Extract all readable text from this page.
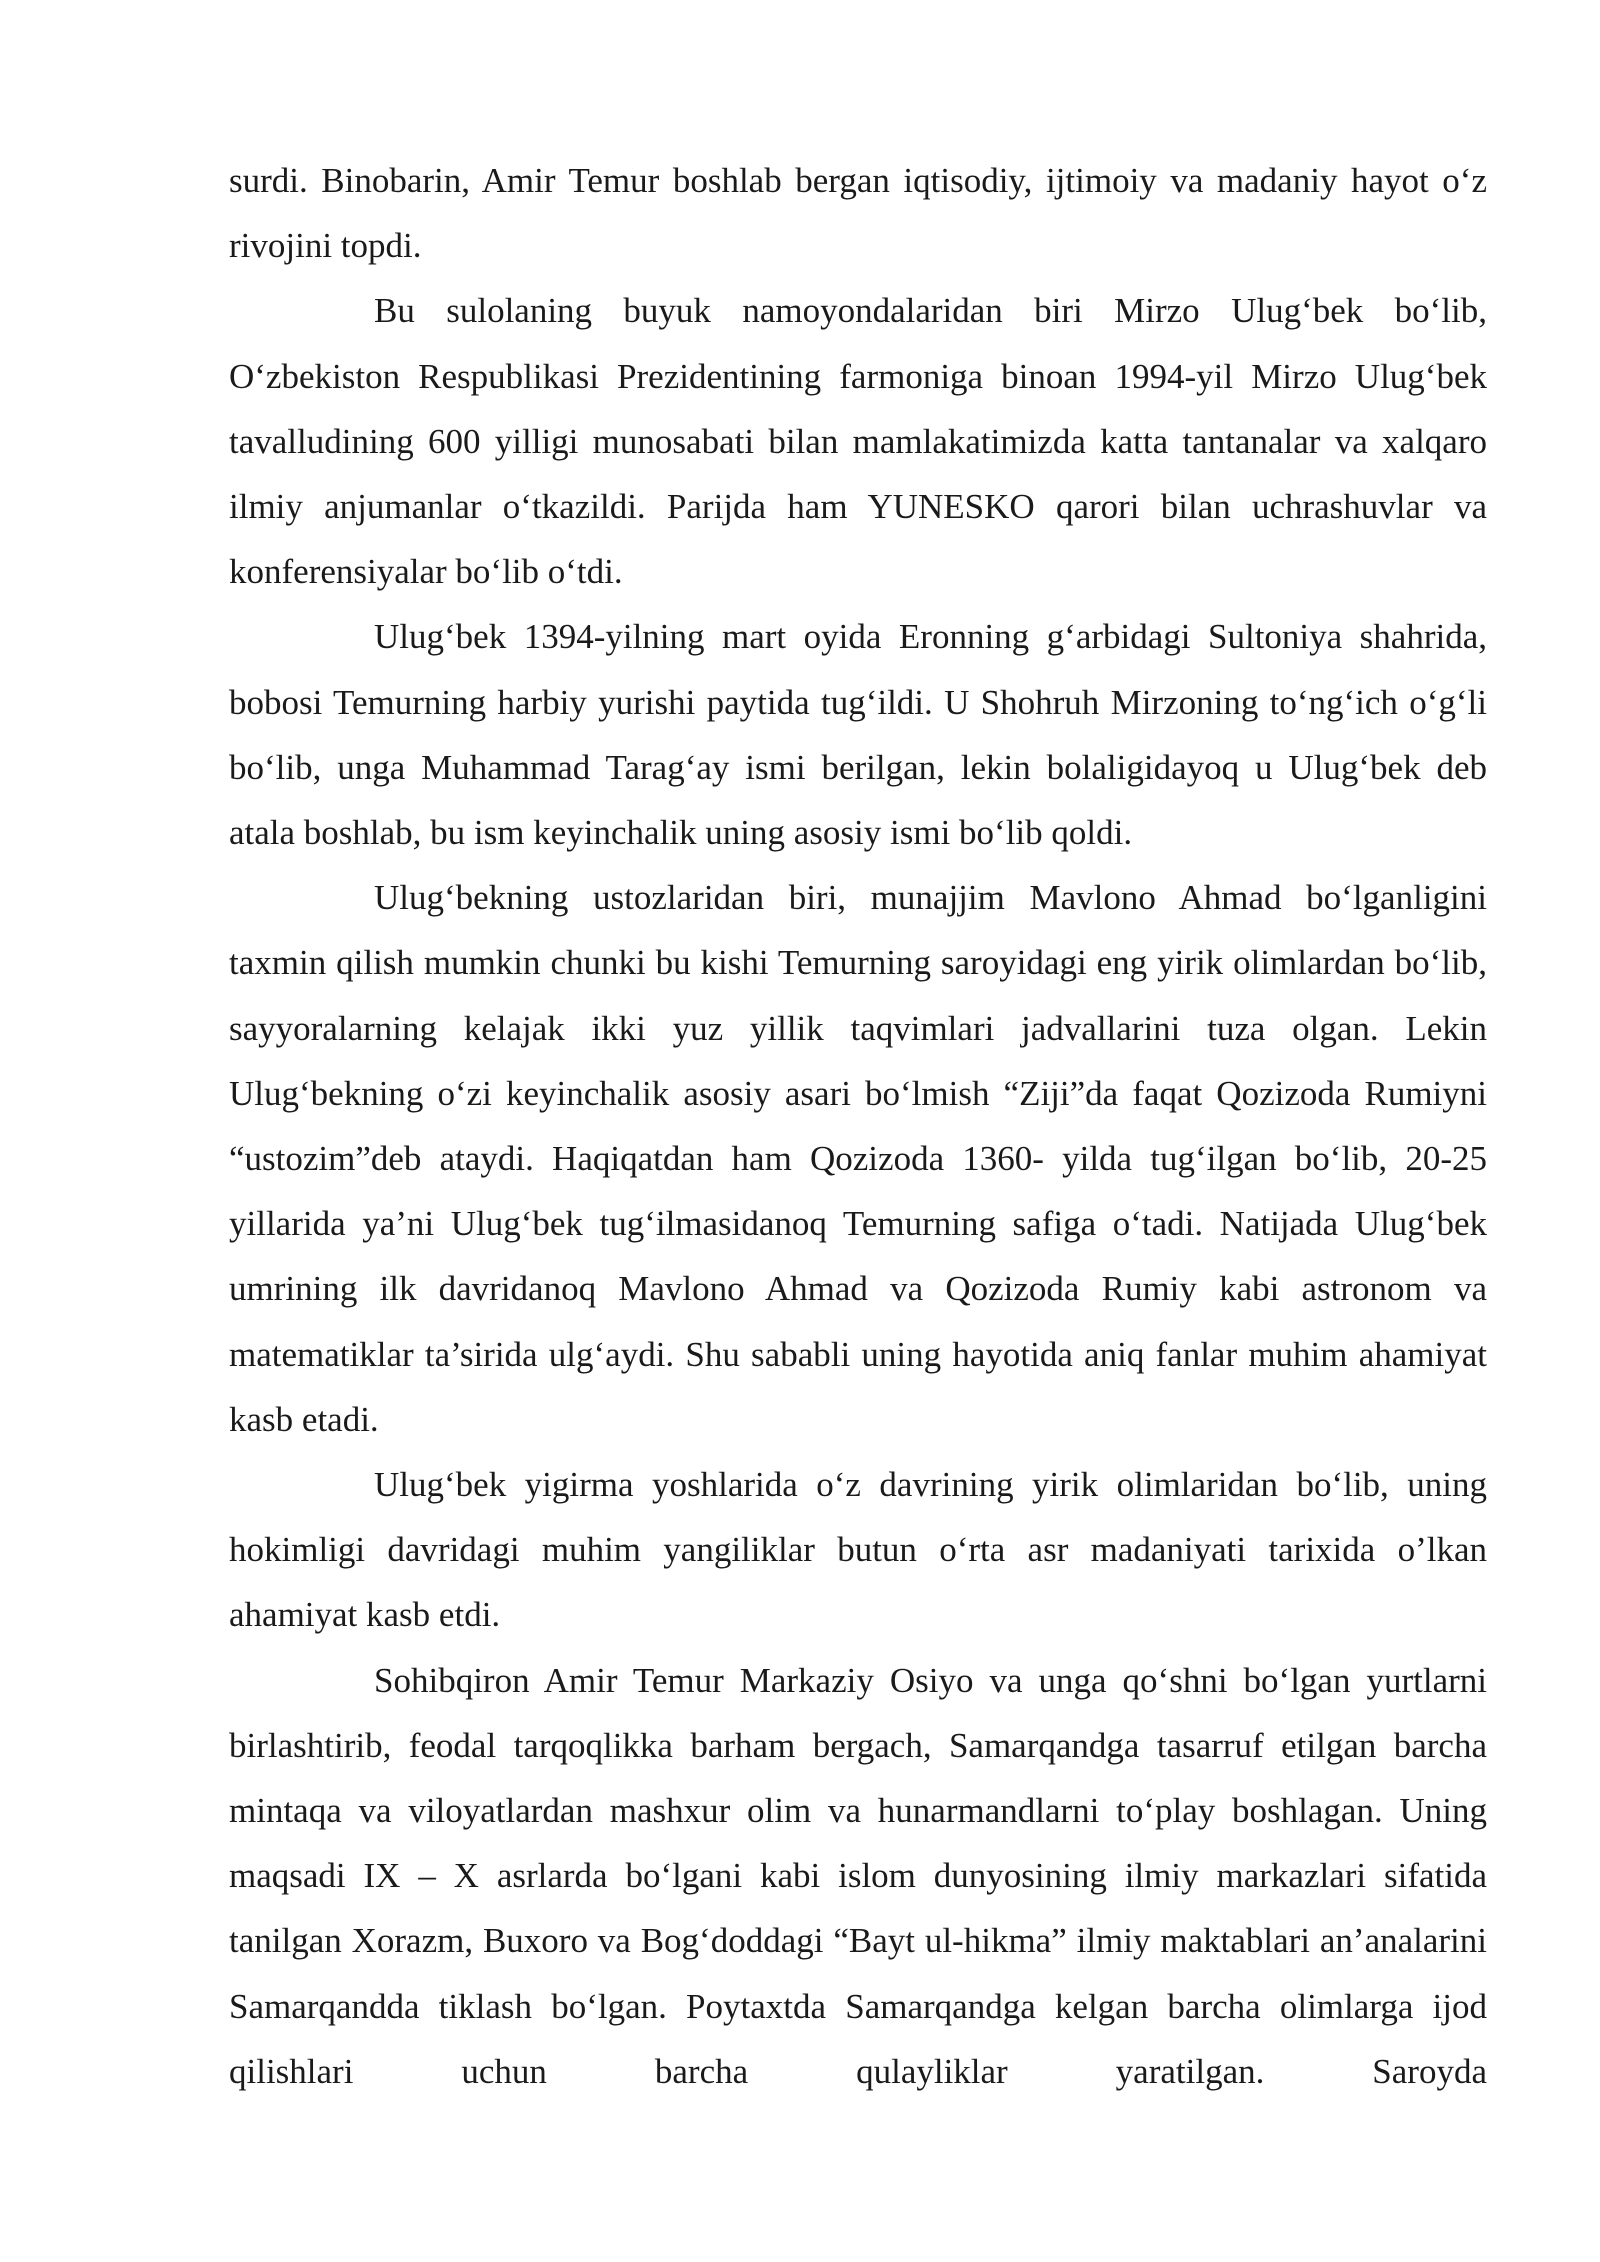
surdi. Binobarin, Amir Temur boshlab bergan iqtisodiy, ijtimoiy va madaniy hayot o‘z rivojini topdi.

Bu sulolaning buyuk namoyondalaridan biri Mirzo Ulug‘bek bo‘lib, O‘zbekiston Respublikasi Prezidentining farmoniga binoan 1994-yil Mirzo Ulug‘bek tavalludining 600 yilligi munosabati bilan mamlakatimizda katta tantanalar va xalqaro ilmiy anjumanlar o‘tkazildi. Parijda ham YUNESKO qarori bilan uchrashuvlar va konferensiyalar bo‘lib o‘tdi.

Ulug‘bek 1394-yilning mart oyida Eronning g‘arbidagi Sultoniya shahrida, bobosi Temurning harbiy yurishi paytida tug‘ildi. U Shohruh Mirzoning to‘ng‘ich o‘g‘li bo‘lib, unga Muhammad Tarag‘ay ismi berilgan, lekin bolaligidayoq u Ulug‘bek deb atala boshlab, bu ism keyinchalik uning asosiy ismi bo‘lib qoldi.

Ulug‘bekning ustozlaridan biri, munajjim Mavlono Ahmad bo‘lganligini taxmin qilish mumkin chunki bu kishi Temurning saroyidagi eng yirik olimlardan bo‘lib, sayyoralarning kelajak ikki yuz yillik taqvimlari jadvallarini tuza olgan. Lekin Ulug‘bekning o‘zi keyinchalik asosiy asari bo‘lmish “Ziji”da faqat Qozizoda Rumiyni “ustozim”deb ataydi. Haqiqatdan ham Qozizoda 1360- yilda tug‘ilgan bo‘lib, 20-25 yillarida ya’ni Ulug‘bek tug‘ilmasidanoq Temurning safiga o‘tadi. Natijada Ulug‘bek umrining ilk davridanoq Mavlono Ahmad va Qozizoda Rumiy kabi astronom va matematiklar ta’sirida ulg‘aydi. Shu sababli uning hayotida aniq fanlar muhim ahamiyat kasb etadi.

Ulug‘bek yigirma yoshlarida o‘z davrining yirik olimlaridan bo‘lib, uning hokimligi davridagi muhim yangiliklar butun o‘rta asr madaniyati tarixida o’lkan ahamiyat kasb etdi.

Sohibqiron Amir Temur Markaziy Osiyo va unga qo‘shni bo‘lgan yurtlarni birlashtirib, feodal tarqoqlikka barham bergach, Samarqandga tasarruf etilgan barcha mintaqa va viloyatlardan mashxur olim va hunarmandlarni to‘play boshlagan. Uning maqsadi IX – X asrlarda bo‘lgani kabi islom dunyosining ilmiy markazlari sifatida tanilgan Xorazm, Buxoro va Bog‘doddagi “Bayt ul-hikma” ilmiy maktablari an’analarini Samarqandda tiklash bo‘lgan. Poytaxtda Samarqandga kelgan barcha olimlarga ijod qilishlari uchun barcha qulayliklar yaratilgan. Saroyda
